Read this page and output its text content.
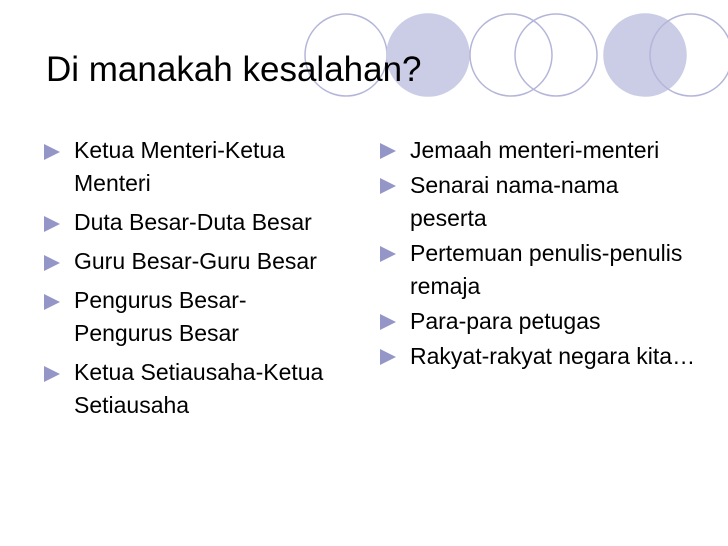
Di manakah kesalahan?
Ketua Menteri-Ketua Menteri
Duta Besar-Duta Besar
Guru Besar-Guru Besar
Pengurus Besar-Pengurus Besar
Ketua Setiausaha-Ketua Setiausaha
Jemaah menteri-menteri
Senarai nama-nama peserta
Pertemuan penulis-penulis remaja
Para-para petugas
Rakyat-rakyat negara kita…
